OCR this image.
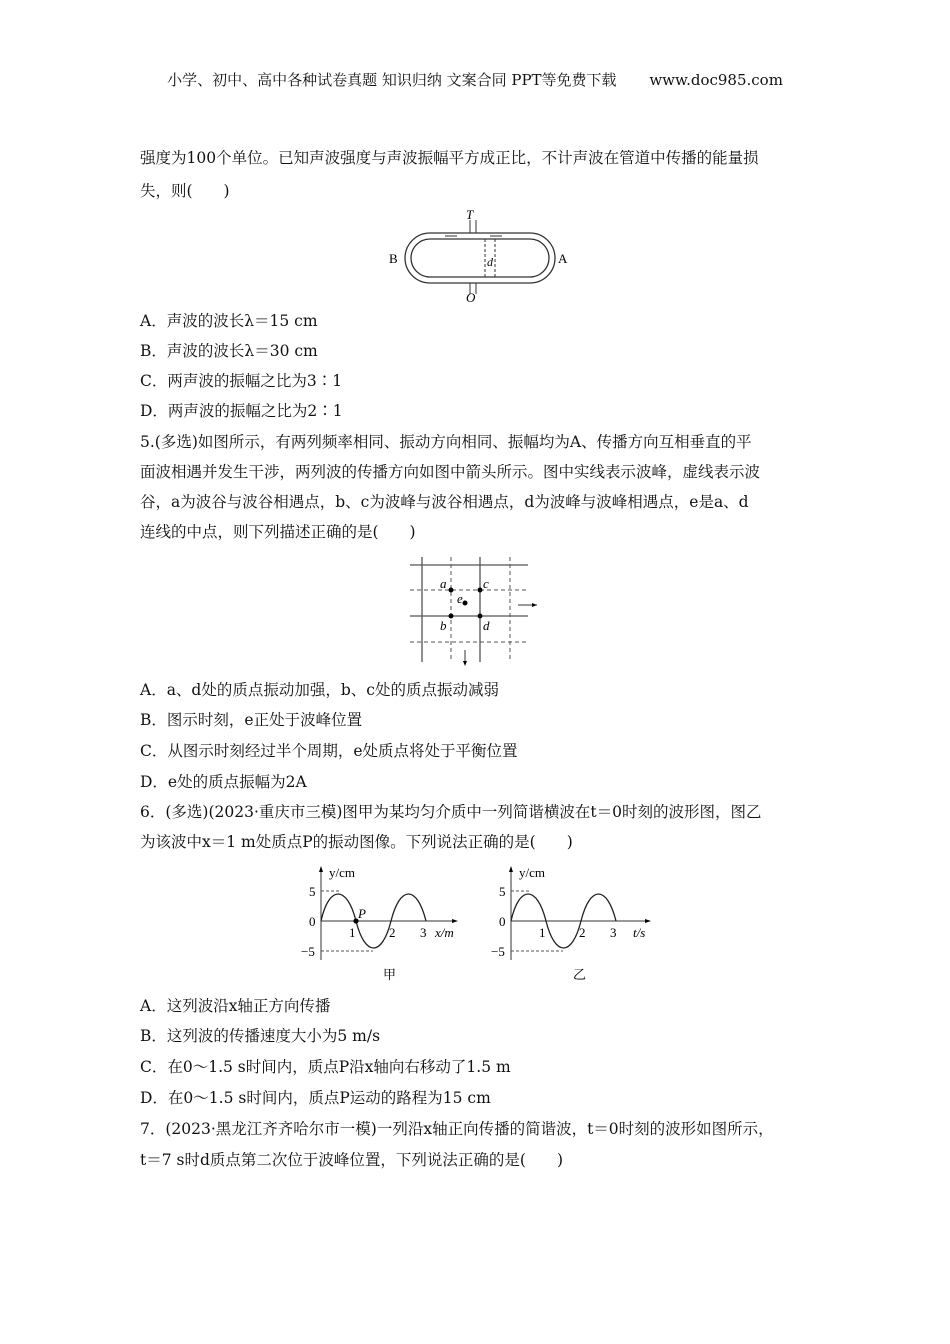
小学、初中、高中各种试卷真题 知识归纳 文案合同 PPT等免费下载 www.doc985.com
强度为100个单位。已知声波强度与声波振幅平方成正比，不计声波在管道中传播的能量损
失，则(　　)
T
O
B	A
d
A．声波的波长λ＝15 cm
B．声波的波长λ＝30 cm
C．两声波的振幅之比为3∶1
D．两声波的振幅之比为2∶1
5.(多选)如图所示，有两列频率相同、振动方向相同、振幅均为A、传播方向互相垂直的平
面波相遇并发生干涉，两列波的传播方向如图中箭头所示。图中实线表示波峰，虚线表示波
谷，a为波谷与波谷相遇点，b、c为波峰与波谷相遇点，d为波峰与波峰相遇点，e是a、d
连线的中点，则下列描述正确的是(　　)
a	c
e
b	d
A．a、d处的质点振动加强，b、c处的质点振动减弱
B．图示时刻，e正处于波峰位置
C．从图示时刻经过半个周期，e处质点将处于平衡位置
D．e处的质点振幅为2A
6．(多选)(2023·重庆市三模)图甲为某均匀介质中一列简谐横波在t＝0时刻的波形图，图乙
为该波中x＝1 m处质点P的振动图像。下列说法正确的是(　　)
y/cm
5
0
−5
1	2 3 x/m
P
甲
y/cm
5
0
−5
1	2 3 t/s
乙
A．这列波沿x轴正方向传播
B．这列波的传播速度大小为5 m/s
C．在0～1.5 s时间内，质点P沿x轴向右移动了1.5 m
D．在0～1.5 s时间内，质点P运动的路程为15 cm
7．(2023·黑龙江齐齐哈尔市一模)一列沿x轴正向传播的简谐波，t＝0时刻的波形如图所示，
t＝7 s时d质点第二次位于波峰位置，下列说法正确的是(　　)
